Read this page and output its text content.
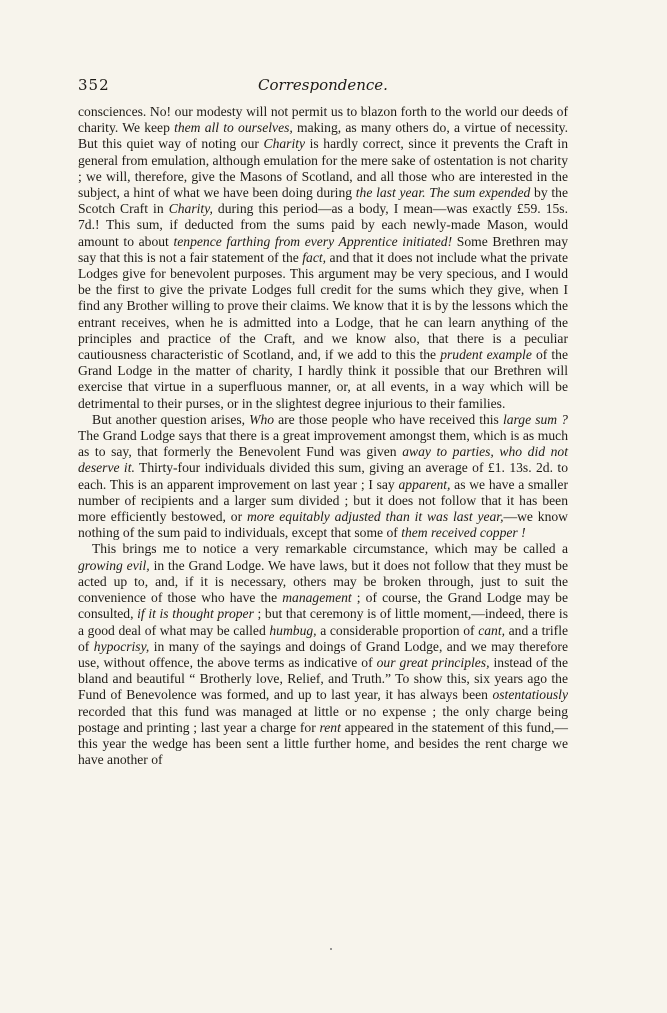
352	Correspondence.

consciences. No! our modesty will not permit us to blazon forth to the world our deeds of charity. We keep them all to ourselves, making, as many others do, a virtue of necessity. But this quiet way of noting our Charity is hardly correct, since it prevents the Craft in general from emulation, although emulation for the mere sake of ostentation is not charity ; we will, therefore, give the Masons of Scotland, and all those who are interested in the subject, a hint of what we have been doing during the last year. The sum expended by the Scotch Craft in Charity, during this period—as a body, I mean—was exactly £59. 15s. 7d.! This sum, if deducted from the sums paid by each newly-made Mason, would amount to about tenpence farthing from every Apprentice initiated! Some Brethren may say that this is not a fair statement of the fact, and that it does not include what the private Lodges give for benevolent purposes. This argument may be very specious, and I would be the first to give the private Lodges full credit for the sums which they give, when I find any Brother willing to prove their claims. We know that it is by the lessons which the entrant receives, when he is admitted into a Lodge, that he can learn anything of the principles and practice of the Craft, and we know also, that there is a peculiar cautiousness characteristic of Scotland, and, if we add to this the prudent example of the Grand Lodge in the matter of charity, I hardly think it possible that our Brethren will exercise that virtue in a superfluous manner, or, at all events, in a way which will be detrimental to their purses, or in the slightest degree injurious to their families.

But another question arises, Who are those people who have received this large sum ? The Grand Lodge says that there is a great improvement amongst them, which is as much as to say, that formerly the Benevolent Fund was given away to parties, who did not deserve it. Thirty-four individuals divided this sum, giving an average of £1. 13s. 2d. to each. This is an apparent improvement on last year ; I say apparent, as we have a smaller number of recipients and a larger sum divided ; but it does not follow that it has been more efficiently bestowed, or more equitably adjusted than it was last year,—we know nothing of the sum paid to individuals, except that some of them received copper !

This brings me to notice a very remarkable circumstance, which may be called a growing evil, in the Grand Lodge. We have laws, but it does not follow that they must be acted up to, and, if it is necessary, others may be broken through, just to suit the convenience of those who have the management ; of course, the Grand Lodge may be consulted, if it is thought proper ; but that ceremony is of little moment,—indeed, there is a good deal of what may be called humbug, a considerable proportion of cant, and a trifle of hypocrisy, in many of the sayings and doings of Grand Lodge, and we may therefore use, without offence, the above terms as indicative of our great principles, instead of the bland and beautiful “ Brotherly love, Relief, and Truth.” To show this, six years ago the Fund of Benevolence was formed, and up to last year, it has always been ostentatiously recorded that this fund was managed at little or no expense ; the only charge being postage and printing ; last year a charge for rent appeared in the statement of this fund,—this year the wedge has been sent a little further home, and besides the rent charge we have another of
